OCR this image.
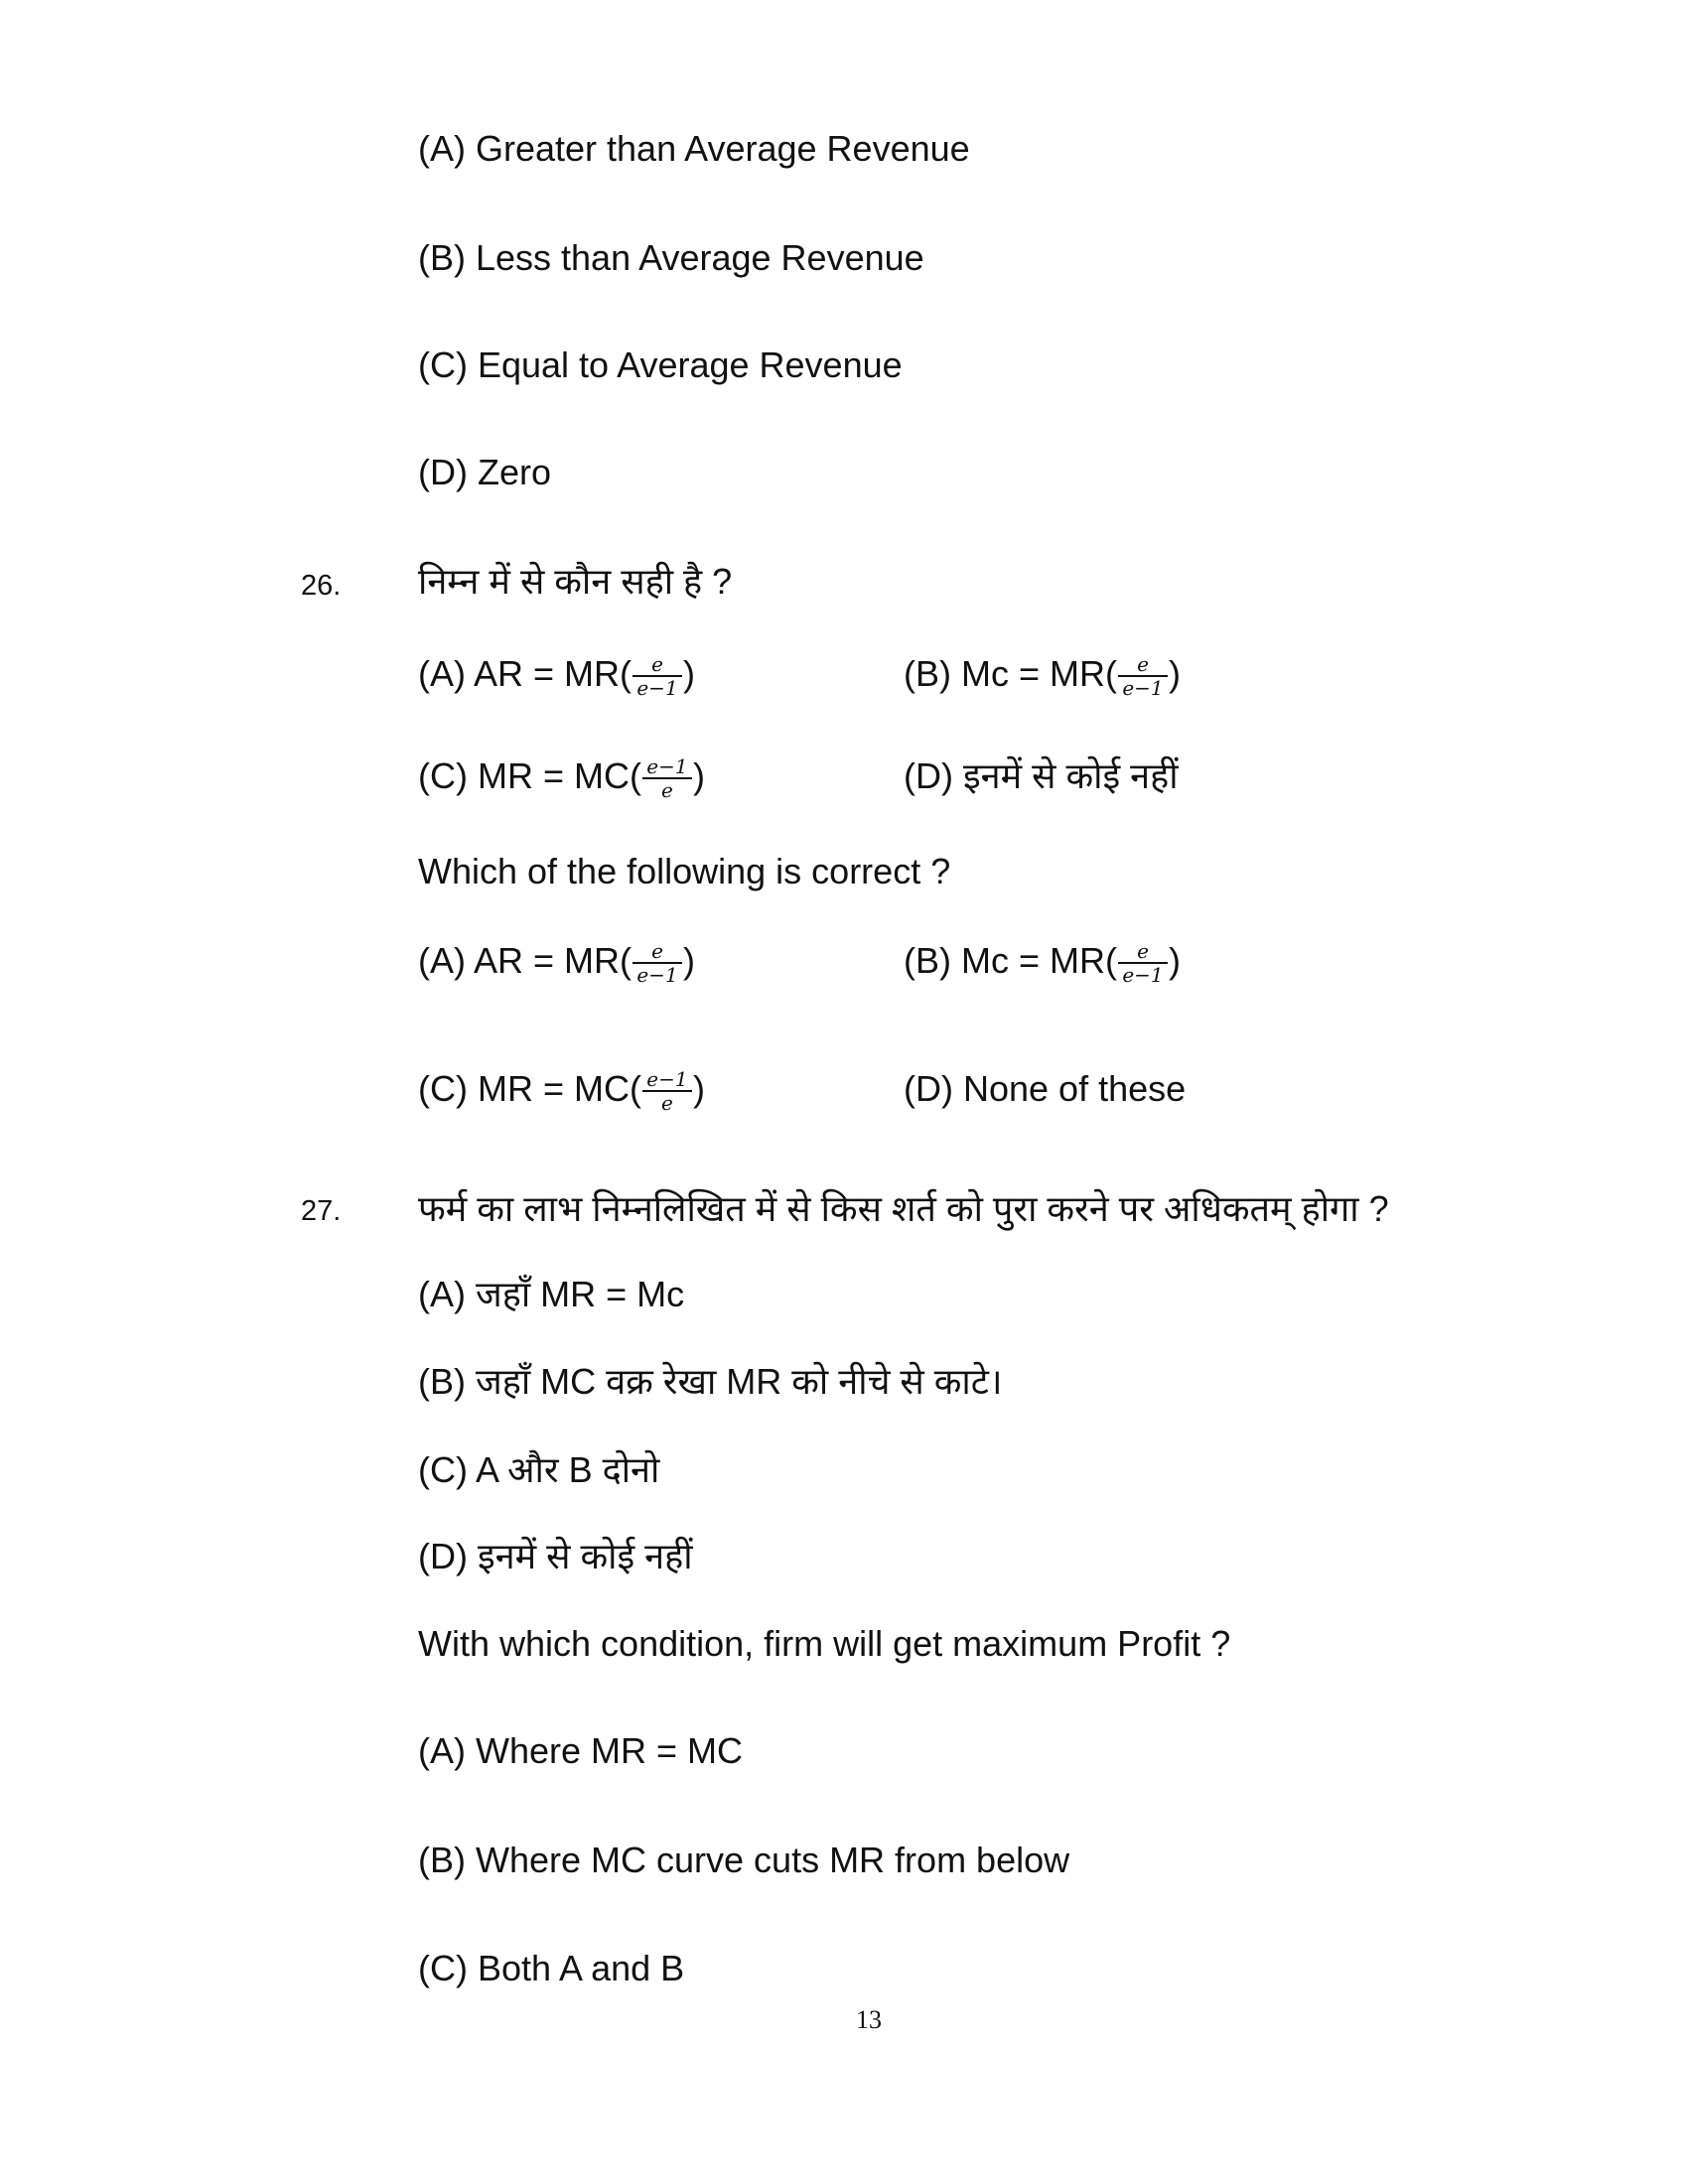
(A) Greater than Average Revenue
(B) Less than Average Revenue
(C) Equal to Average Revenue
(D) Zero
26. निम्न में से कौन सही है ?
(A) AR = $MR( \frac{e}{e-1}$ )	(B) $Mc = MR( \frac{e}{e-1}$ )
(C) MR = $MC( \frac{e-1}{e}$ )	(D) इनमें से कोई नहीं
Which of the following is correct ?
(A) AR = $MR( \frac{e}{e-1}$ )	(B) $Mc = MR( \frac{e}{e-1}$ )
(C) MR = $MC( \frac{e-1}{e}$ )	(D) None of these
27. फर्म का लाभ निम्नलिखित में से किस शर्त को पुरा करने पर अधिकतम् होगा ?
(A) जहाँ MR = Mc
(B) जहाँ MC वक्र रेखा MR को नीचे से काटे।
(C) A और B दोनो
(D) इनमें से कोई नहीं
With which condition, firm will get maximum Profit ?
(A) Where MR = MC
(B) Where MC curve cuts MR from below
(C) Both A and B
13
